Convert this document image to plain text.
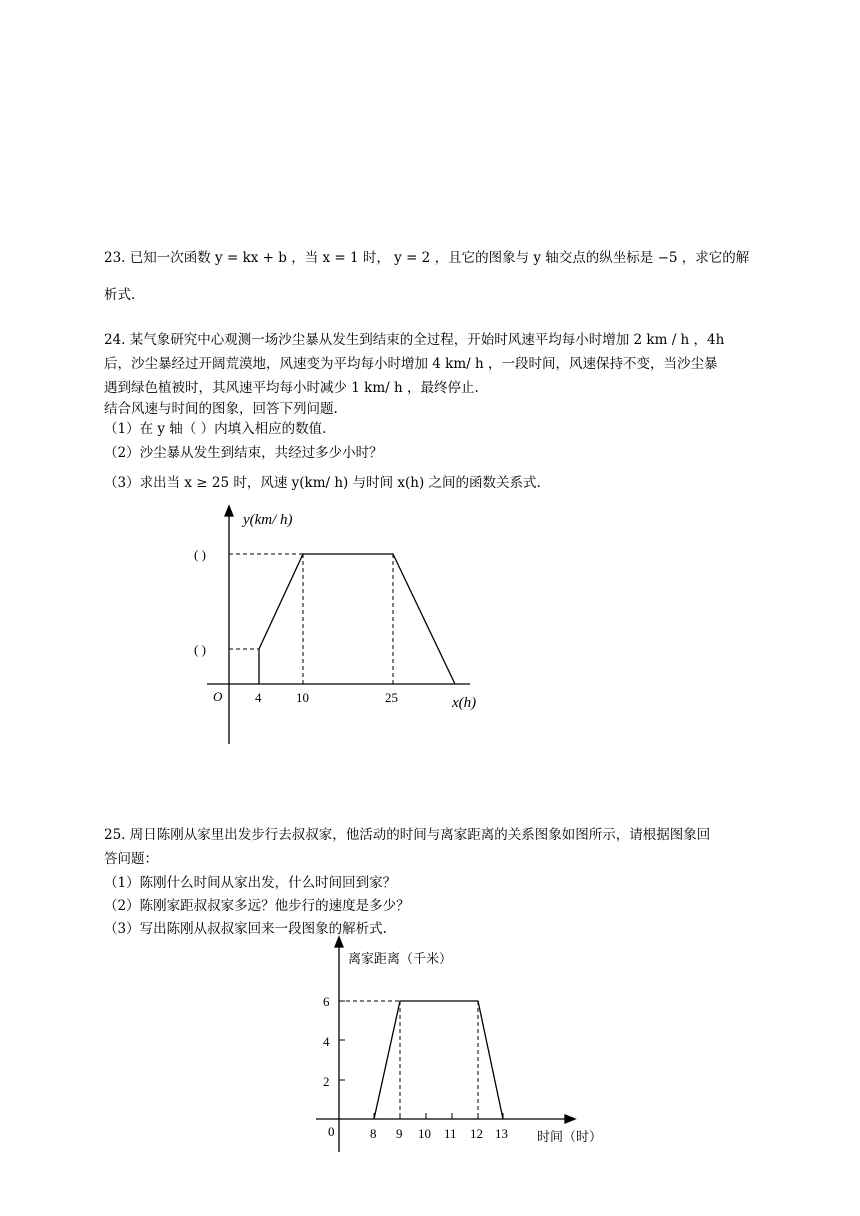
23. 已知一次函数 y = kx + b ，当 x = 1 时， y = 2 ，且它的图象与 y 轴交点的纵坐标是 −5 ，求它的解
析式.
24. 某气象研究中心观测一场沙尘暴从发生到结束的全过程，开始时风速平均每小时增加 2 km / h ，4h
后，沙尘暴经过开阔荒漠地，风速变为平均每小时增加 4 km/ h ，一段时间，风速保持不变，当沙尘暴
遇到绿色植被时，其风速平均每小时减少 1 km/ h ，最终停止.
结合风速与时间的图象，回答下列问题.
（1）在 y 轴（ ）内填入相应的数值.
（2）沙尘暴从发生到结束，共经过多少小时？
（3）求出当 x ≥ 25 时，风速 y(km/ h) 与时间 x(h) 之间的函数关系式.
y(km/ h)
( )
( )
O	4	10	25	x(h)
25. 周日陈刚从家里出发步行去叔叔家，他活动的时间与离家距离的关系图象如图所示，请根据图象回
答问题：
（1）陈刚什么时间从家出发，什么时间回到家？
（2）陈刚家距叔叔家多远？他步行的速度是多少？
（3）写出陈刚从叔叔家回来一段图象的解析式.
离家距离（千米）
6
4
2
0	8 9 10 11 12 13 时间（时）
